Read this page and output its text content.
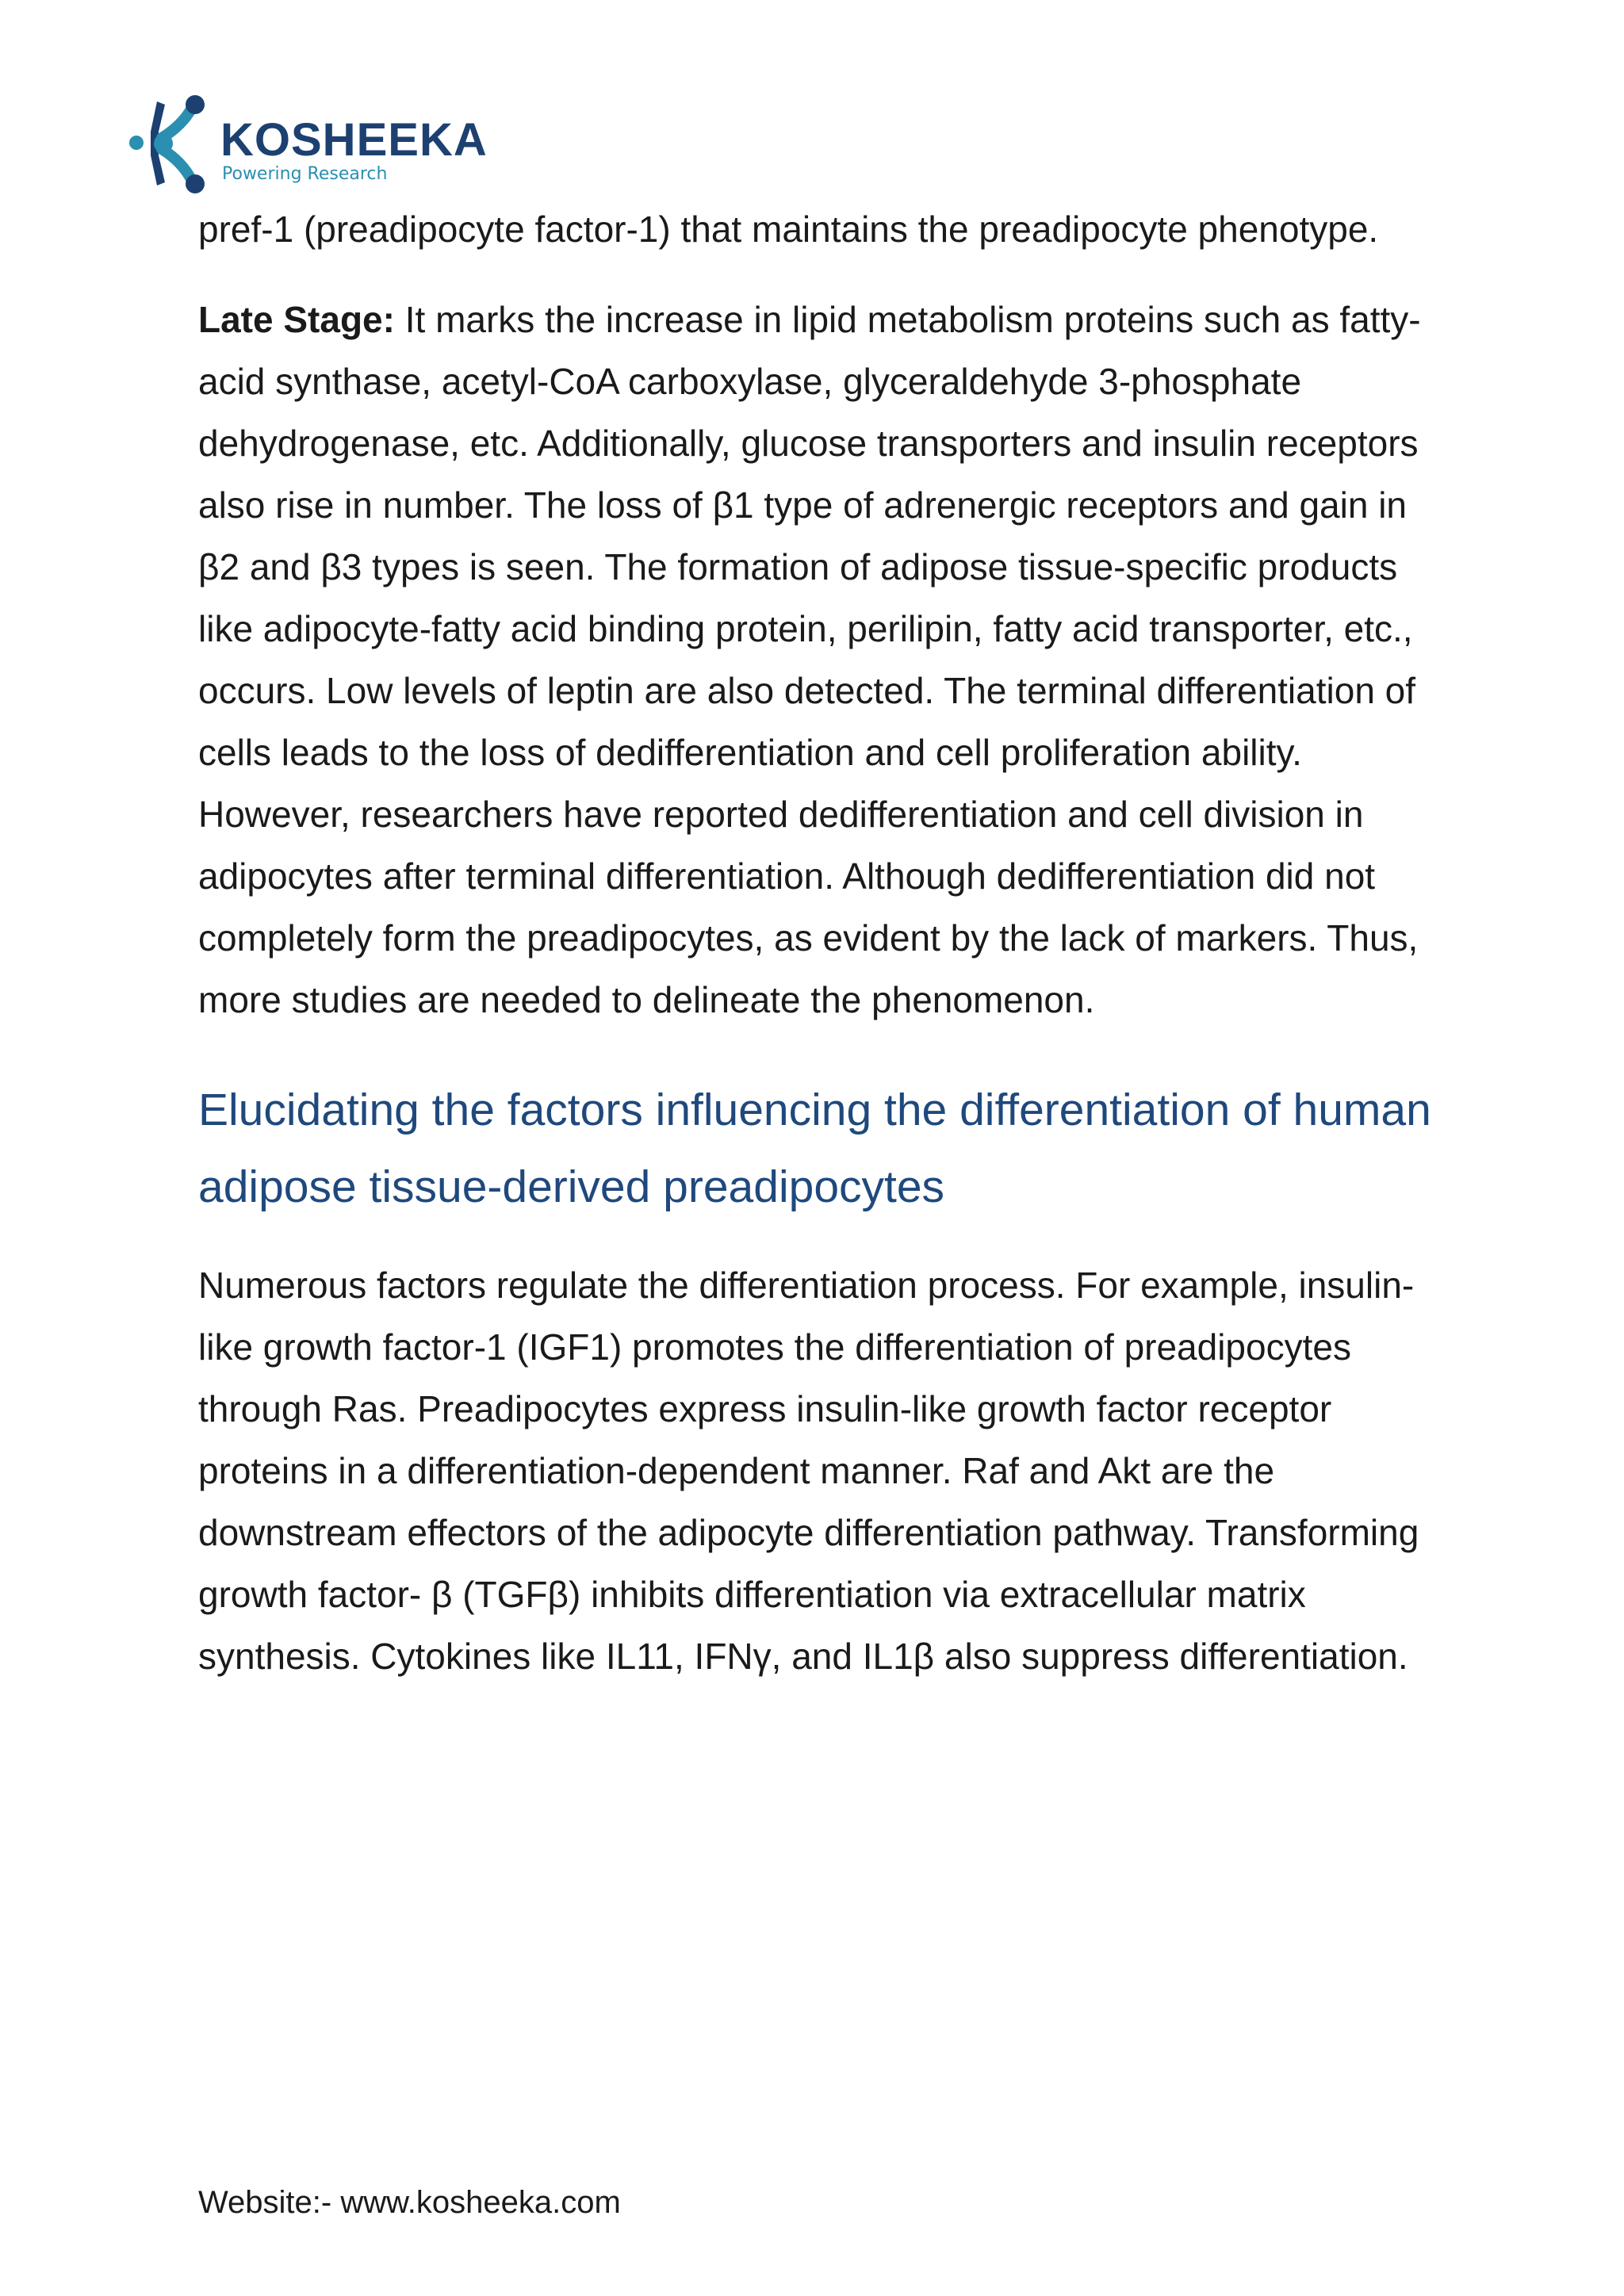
KOSHEEKA
Powering Research

pref-1 (preadipocyte factor-1) that maintains the preadipocyte phenotype.

Late Stage: It marks the increase in lipid metabolism proteins such as fatty-acid synthase, acetyl-CoA carboxylase, glyceraldehyde 3-phosphate dehydrogenase, etc. Additionally, glucose transporters and insulin receptors also rise in number. The loss of β1 type of adrenergic receptors and gain in β2 and β3 types is seen. The formation of adipose tissue-specific products like adipocyte-fatty acid binding protein, perilipin, fatty acid transporter, etc., occurs. Low levels of leptin are also detected. The terminal differentiation of cells leads to the loss of dedifferentiation and cell proliferation ability. However, researchers have reported dedifferentiation and cell division in adipocytes after terminal differentiation. Although dedifferentiation did not completely form the preadipocytes, as evident by the lack of markers. Thus, more studies are needed to delineate the phenomenon.

Elucidating the factors influencing the differentiation of human adipose tissue-derived preadipocytes

Numerous factors regulate the differentiation process. For example, insulin-like growth factor-1 (IGF1) promotes the differentiation of preadipocytes through Ras. Preadipocytes express insulin-like growth factor receptor proteins in a differentiation-dependent manner. Raf and Akt are the downstream effectors of the adipocyte differentiation pathway. Transforming growth factor- β (TGFβ) inhibits differentiation via extracellular matrix synthesis. Cytokines like IL11, IFNγ, and IL1β also suppress differentiation.

Website:- www.kosheeka.com
